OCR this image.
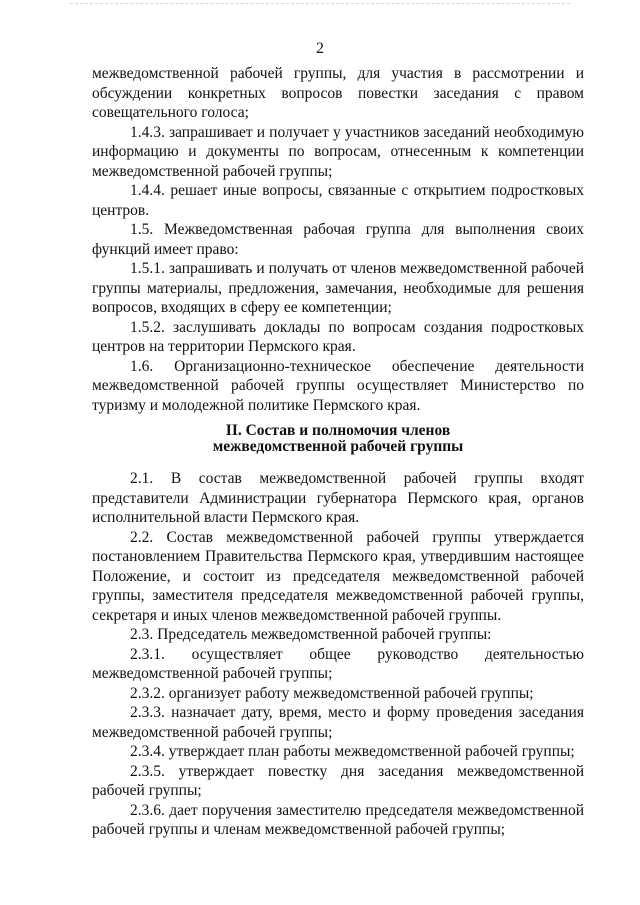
2

межведомственной рабочей группы, для участия в рассмотрении и обсуждении конкретных вопросов повестки заседания с правом совещательного голоса;

1.4.3. запрашивает и получает у участников заседаний необходимую информацию и документы по вопросам, отнесенным к компетенции межведомственной рабочей группы;

1.4.4. решает иные вопросы, связанные с открытием подростковых центров.

1.5. Межведомственная рабочая группа для выполнения своих функций имеет право:

1.5.1. запрашивать и получать от членов межведомственной рабочей группы материалы, предложения, замечания, необходимые для решения вопросов, входящих в сферу ее компетенции;

1.5.2. заслушивать доклады по вопросам создания подростковых центров на территории Пермского края.

1.6. Организационно-техническое обеспечение деятельности межведомственной рабочей группы осуществляет Министерство по туризму и молодежной политике Пермского края.

II. Состав и полномочия членов
межведомственной рабочей группы

2.1. В состав межведомственной рабочей группы входят представители Администрации губернатора Пермского края, органов исполнительной власти Пермского края.

2.2. Состав межведомственной рабочей группы утверждается постановлением Правительства Пермского края, утвердившим настоящее Положение, и состоит из председателя межведомственной рабочей группы, заместителя председателя межведомственной рабочей группы, секретаря и иных членов межведомственной рабочей группы.

2.3. Председатель межведомственной рабочей группы:

2.3.1. осуществляет общее руководство деятельностью межведомственной рабочей группы;

2.3.2. организует работу межведомственной рабочей группы;

2.3.3. назначает дату, время, место и форму проведения заседания межведомственной рабочей группы;

2.3.4. утверждает план работы межведомственной рабочей группы;

2.3.5. утверждает повестку дня заседания межведомственной рабочей группы;

2.3.6. дает поручения заместителю председателя межведомственной рабочей группы и членам межведомственной рабочей группы;
